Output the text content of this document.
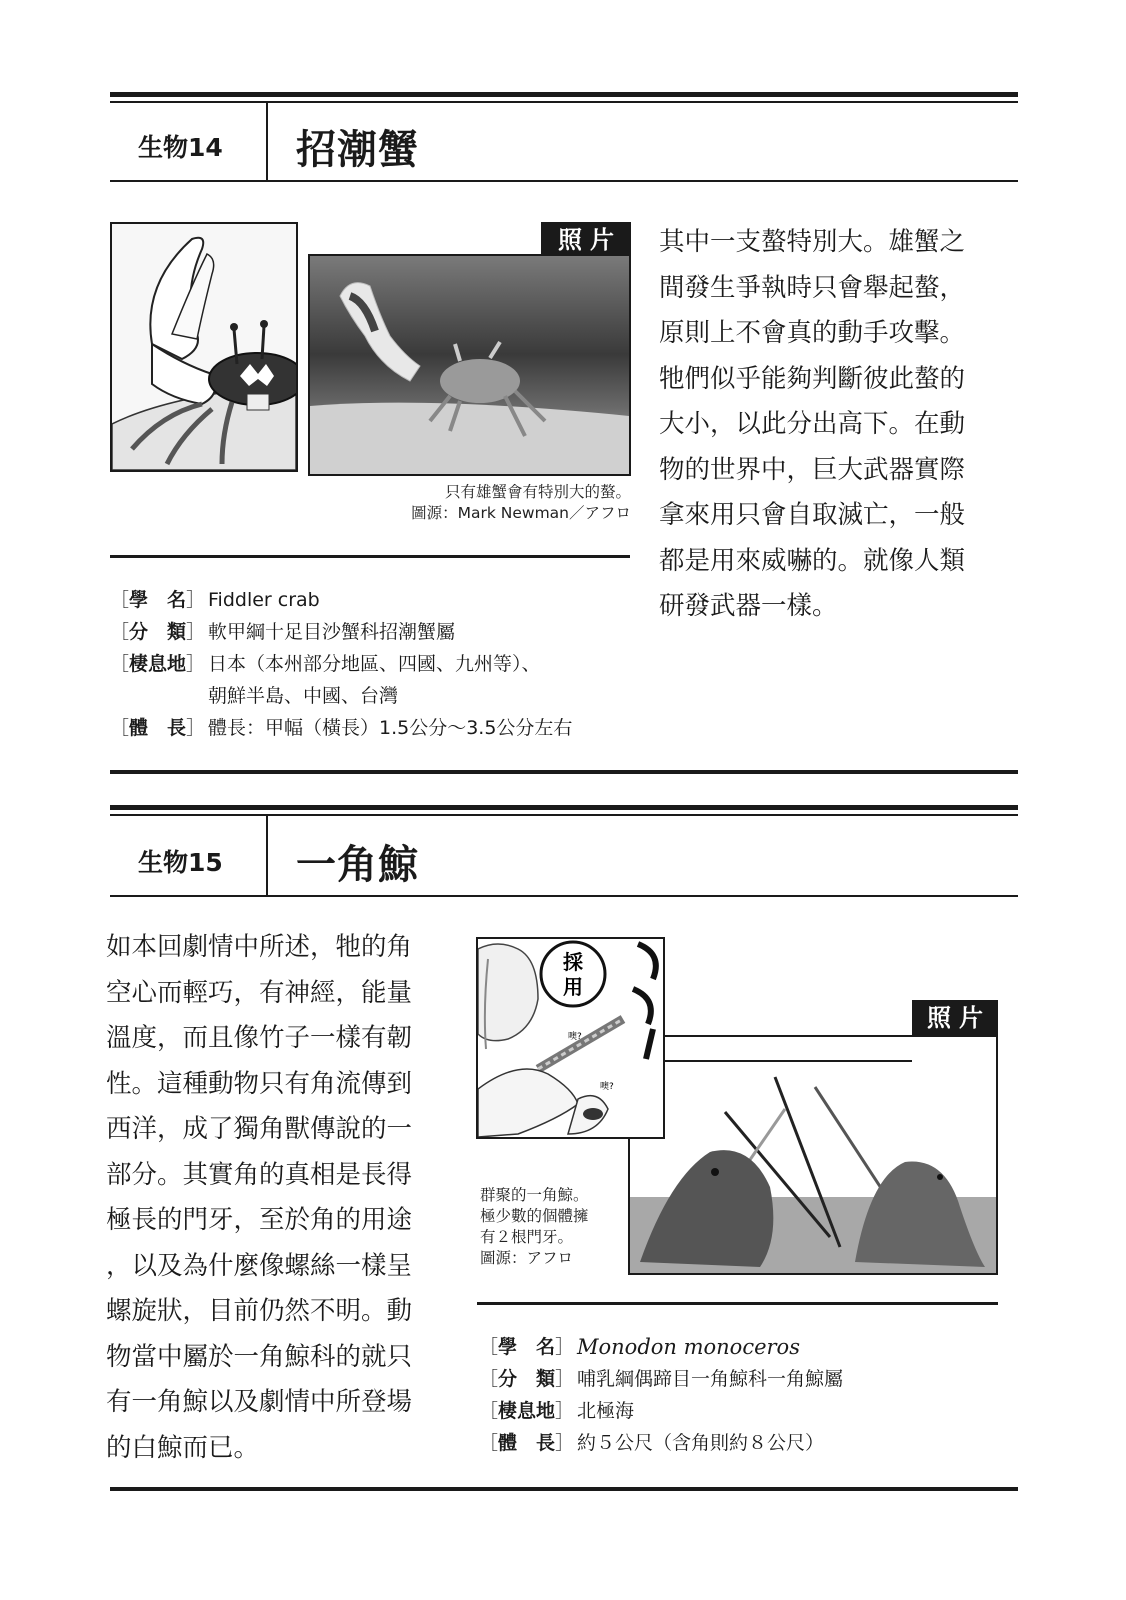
生物14 招潮蟹
照片
只有雄蟹會有特別大的螯。
圖源：Mark Newman／アフロ
其中一支螯特別大。雄蟹之
間發生爭執時只會舉起螯，
原則上不會真的動手攻擊。
牠們似乎能夠判斷彼此螯的
大小，以此分出高下。在動
物的世界中，巨大武器實際
拿來用只會自取滅亡，一般
都是用來威嚇的。就像人類
研發武器一樣。
［學　 名］ Fiddler crab
［分　 類］ 軟甲綱十足目沙蟹科招潮蟹屬
［棲息地］ 日本（本州部分地區、四國、九州等）、
朝鮮半島、中國、台灣
［體　 長］ 體長：甲幅（橫長）1.5公分～3.5公分左右
生物15 一角鯨
如本回劇情中所述，牠的角
空心而輕巧，有神經，能量
溫度，而且像竹子一樣有韌
性。這種動物只有角流傳到
西洋，成了獨角獸傳說的一
部分。其實角的真相是長得
極長的門牙，至於角的用途
，以及為什麼像螺絲一樣呈
螺旋狀，目前仍然不明。動
物當中屬於一角鯨科的就只
有一角鯨以及劇情中所登場
的白鯨而已。
照片
採
用
噢?
噢?
群聚的一角鯨。
極少數的個體擁
有２根門牙。
圖源：アフロ
［學　 名］ Monodon monoceros
［分　 類］ 哺乳綱偶蹄目一角鯨科一角鯨屬
［棲息地］ 北極海
［體　 長］ 約５公尺（含角則約８公尺）
